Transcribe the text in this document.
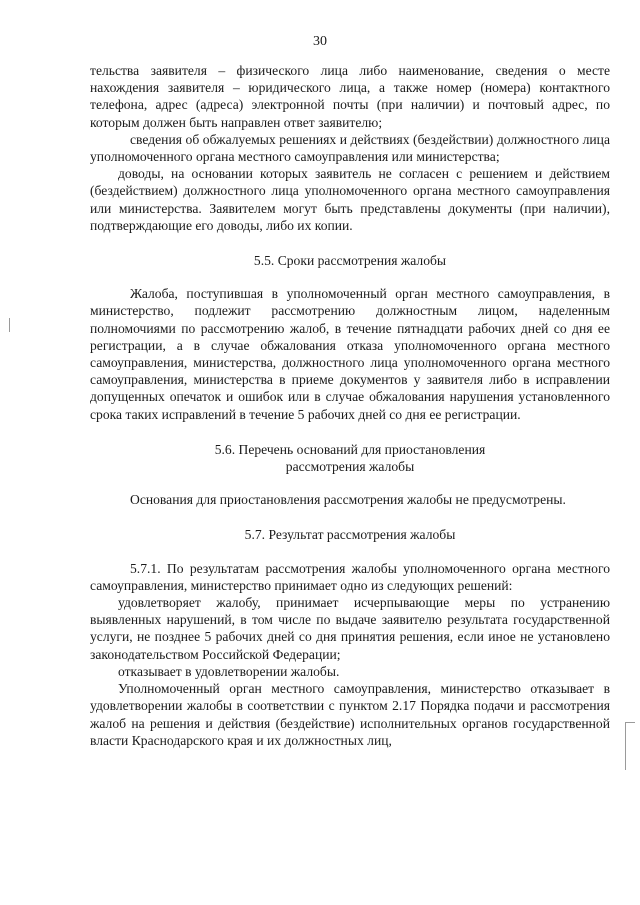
30

тельства заявителя – физического лица либо наименование, сведения о месте нахождения заявителя – юридического лица, а также номер (номера) контактного телефона, адрес (адреса) электронной почты (при наличии) и почтовый адрес, по которым должен быть направлен ответ заявителю;

сведения об обжалуемых решениях и действиях (бездействии) должностного лица уполномоченного органа местного самоуправления или министерства;

доводы, на основании которых заявитель не согласен с решением и действием (бездействием) должностного лица уполномоченного органа местного самоуправления или министерства. Заявителем могут быть представлены документы (при наличии), подтверждающие его доводы, либо их копии.

5.5. Сроки рассмотрения жалобы

Жалоба, поступившая в уполномоченный орган местного самоуправления, в министерство, подлежит рассмотрению должностным лицом, наделенным полномочиями по рассмотрению жалоб, в течение пятнадцати рабочих дней со дня ее регистрации, а в случае обжалования отказа уполномоченного органа местного самоуправления, министерства, должностного лица уполномоченного органа местного самоуправления, министерства в приеме документов у заявителя либо в исправлении допущенных опечаток и ошибок или в случае обжалования нарушения установленного срока таких исправлений в течение 5 рабочих дней со дня ее регистрации.

5.6. Перечень оснований для приостановления
рассмотрения жалобы

Основания для приостановления рассмотрения жалобы не предусмотрены.

5.7. Результат рассмотрения жалобы

5.7.1. По результатам рассмотрения жалобы уполномоченного органа местного самоуправления, министерство принимает одно из следующих решений:

удовлетворяет жалобу, принимает исчерпывающие меры по устранению выявленных нарушений, в том числе по выдаче заявителю результата государственной услуги, не позднее 5 рабочих дней со дня принятия решения, если иное не установлено законодательством Российской Федерации;

отказывает в удовлетворении жалобы.

Уполномоченный орган местного самоуправления, министерство отказывает в удовлетворении жалобы в соответствии с пунктом 2.17 Порядка подачи и рассмотрения жалоб на решения и действия (бездействие) исполнительных органов государственной власти Краснодарского края и их должностных лиц,
